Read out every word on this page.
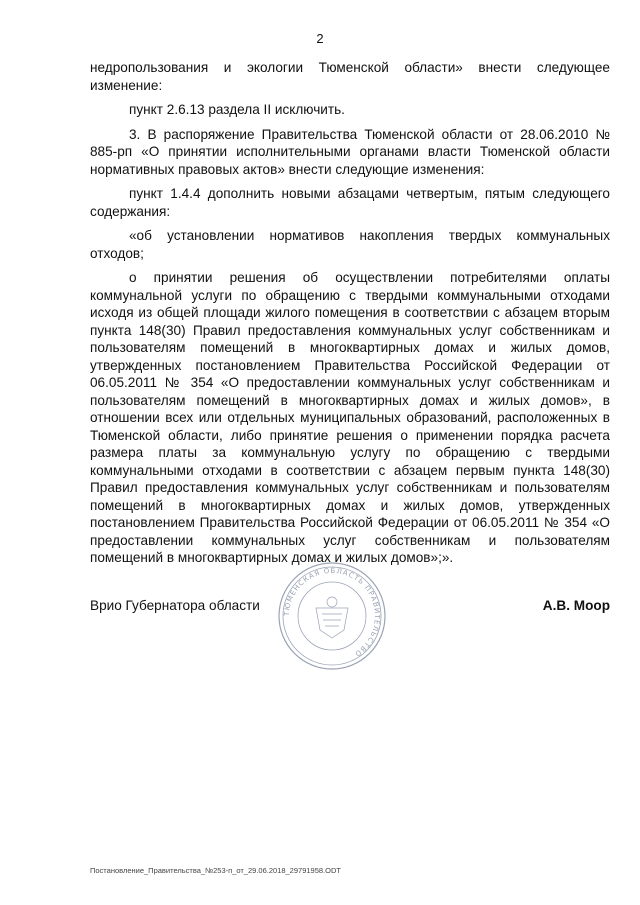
2

недропользования и экологии Тюменской области» внести следующее изменение:

пункт 2.6.13 раздела II исключить.

3. В распоряжение Правительства Тюменской области от 28.06.2010 № 885-рп «О принятии исполнительными органами власти Тюменской области нормативных правовых актов» внести следующие изменения:

пункт 1.4.4 дополнить новыми абзацами четвертым, пятым следующего содержания:

«об установлении нормативов накопления твердых коммунальных отходов;

о принятии решения об осуществлении потребителями оплаты коммунальной услуги по обращению с твердыми коммунальными отходами исходя из общей площади жилого помещения в соответствии с абзацем вторым пункта 148(30) Правил предоставления коммунальных услуг собственникам и пользователям помещений в многоквартирных домах и жилых домов, утвержденных постановлением Правительства Российской Федерации от 06.05.2011 № 354 «О предоставлении коммунальных услуг собственникам и пользователям помещений в многоквартирных домах и жилых домов», в отношении всех или отдельных муниципальных образований, расположенных в Тюменской области, либо принятие решения о применении порядка расчета размера платы за коммунальную услугу по обращению с твердыми коммунальными отходами в соответствии с абзацем первым пункта 148(30) Правил предоставления коммунальных услуг собственникам и пользователям помещений в многоквартирных домах и жилых домов, утвержденных постановлением Правительства Российской Федерации от 06.05.2011 № 354 «О предоставлении коммунальных услуг собственникам и пользователям помещений в многоквартирных домах и жилых домов»;».

ТЮМЕНСКАЯ ОБЛАСТЬ ПРАВИТЕЛЬСТВО
Врио Губернатора области	А.В. Моор
Постановление_Правительства_№253-п_от_29.06.2018_29791958.ODT
